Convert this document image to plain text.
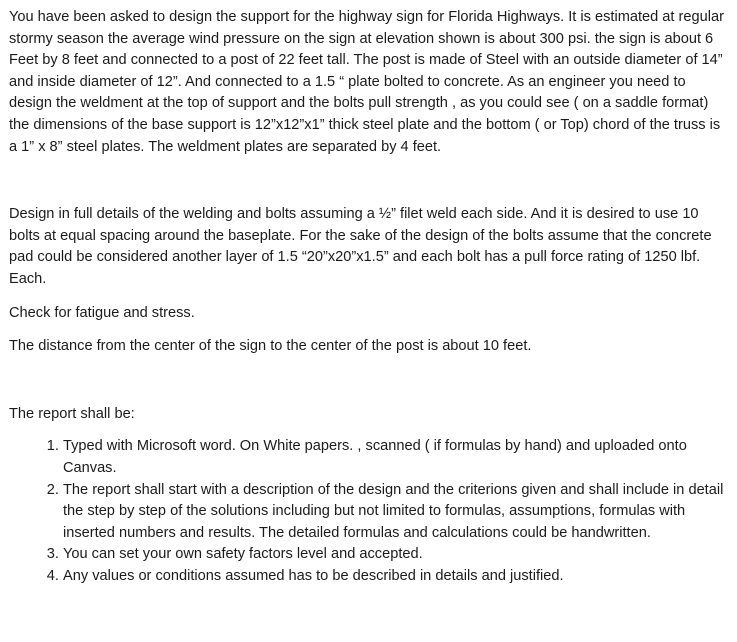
You have been asked to design the support for the highway sign for Florida Highways. It is estimated at regular stormy season the average wind pressure on the sign at elevation shown is about 300 psi. the sign is about 6 Feet by 8 feet and connected to a post of 22 feet tall. The post is made of Steel with an outside diameter of 14” and inside diameter of 12”. And connected to a 1.5 “ plate bolted to concrete. As an engineer you need to design the weldment at the top of support and the bolts pull strength , as you could see ( on a saddle format) the dimensions of the base support is 12”x12”x1” thick steel plate and the bottom ( or Top) chord of the truss is a 1” x 8” steel plates. The weldment plates are separated by 4 feet.

Design in full details of the welding and bolts assuming a ½” filet weld each side. And it is desired to use 10 bolts at equal spacing around the baseplate. For the sake of the design of the bolts assume that the concrete pad could be considered another layer of 1.5 “20”x20”x1.5” and each bolt has a pull force rating of 1250 lbf. Each.

Check for fatigue and stress.

The distance from the center of the sign to the center of the post is about 10 feet.

The report shall be:

1. Typed with Microsoft word. On White papers. , scanned ( if formulas by hand) and uploaded onto Canvas.
2. The report shall start with a description of the design and the criterions given and shall include in detail the step by step of the solutions including but not limited to formulas, assumptions, formulas with inserted numbers and results. The detailed formulas and calculations could be handwritten.
3. You can set your own safety factors level and accepted.
4. Any values or conditions assumed has to be described in details and justified.
